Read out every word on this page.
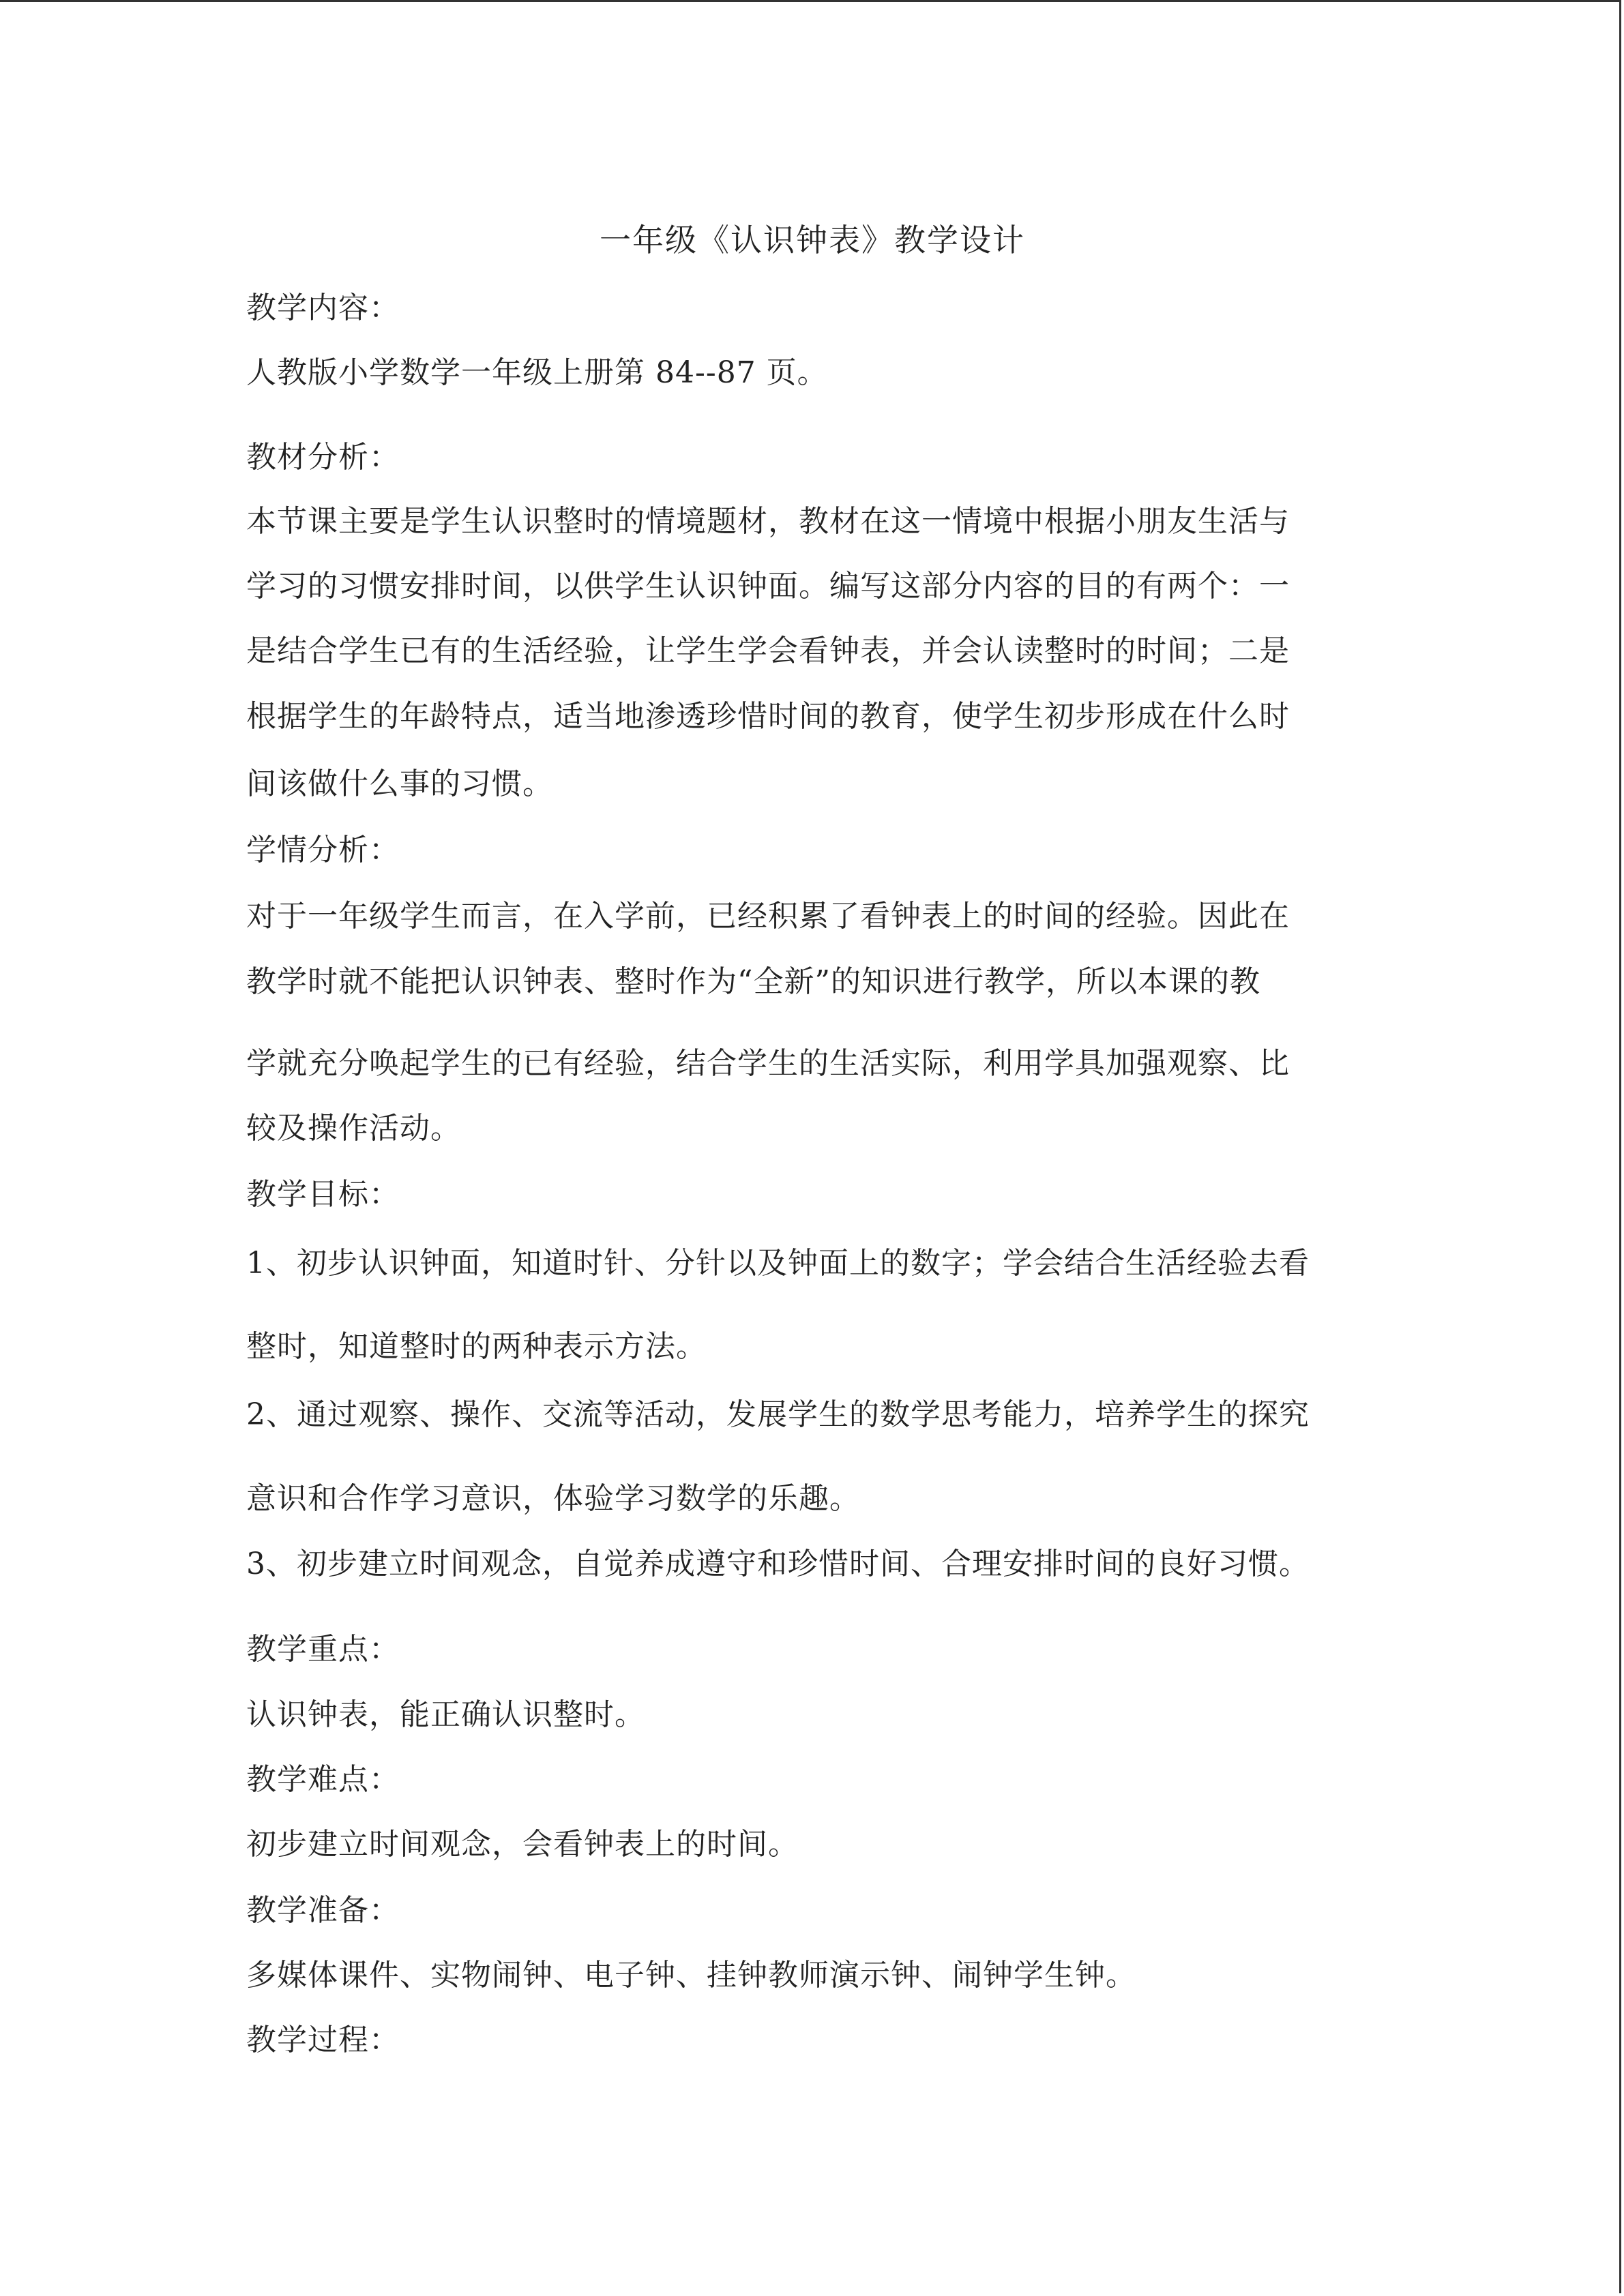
一年级《认识钟表》教学设计
教学内容：
人教版小学数学一年级上册第 84--87 页。
教材分析：
本节课主要是学生认识整时的情境题材，教材在这一情境中根据小朋友生活与
学习的习惯安排时间，以供学生认识钟面。编写这部分内容的目的有两个：一
是结合学生已有的生活经验，让学生学会看钟表，并会认读整时的时间；二是
根据学生的年龄特点，适当地渗透珍惜时间的教育，使学生初步形成在什么时
间该做什么事的习惯。
学情分析：
对于一年级学生而言，在入学前，已经积累了看钟表上的时间的经验。因此在
教学时就不能把认识钟表、整时作为“全新”的知识进行教学，所以本课的教
学就充分唤起学生的已有经验，结合学生的生活实际，利用学具加强观察、比
较及操作活动。
教学目标：
1、初步认识钟面，知道时针、分针以及钟面上的数字；学会结合生活经验去看
整时，知道整时的两种表示方法。
2、通过观察、操作、交流等活动，发展学生的数学思考能力，培养学生的探究
意识和合作学习意识，体验学习数学的乐趣。
3、初步建立时间观念，自觉养成遵守和珍惜时间、合理安排时间的良好习惯。
教学重点：
认识钟表，能正确认识整时。
教学难点：
初步建立时间观念，会看钟表上的时间。
教学准备：
多媒体课件、实物闹钟、电子钟、挂钟教师演示钟、闹钟学生钟。
教学过程：
